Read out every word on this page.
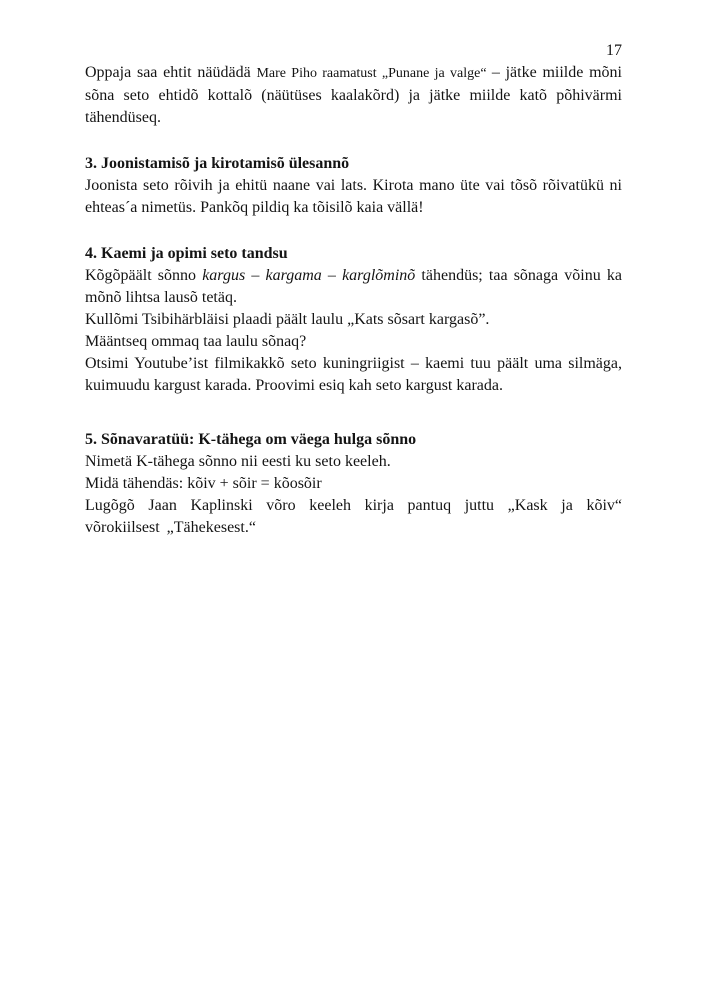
17

Oppaja saa ehtit näüdädä Mare Piho raamatust „Punane ja valge“ – jätke miilde mõni sõna seto ehtidõ kottalõ (näütüses kaalakõrd) ja jätke miilde katõ põhivärmi tähendüseq.

3. Joonistamisõ ja kirotamisõ ülesannõ

Joonista seto rõivih ja ehitü naane vai lats. Kirota mano üte vai tõsõ rõivatükü ni ehteas´a nimetüs. Pankõq pildiq ka tõisilõ kaia vällä!

4. Kaemi ja opimi seto tandsu

Kõgõpäält sõnno kargus – kargama – karglõminõ tähendüs; taa sõnaga võinu ka mõnõ lihtsa lausõ tetäq.

Kullõmi Tsibihärbläisi plaadi päält laulu „Kats sõsart kargasõ”.
Määntseq ommaq taa laulu sõnaq?

Otsimi Youtube’ist filmikakkõ seto kuningriigist – kaemi tuu päält uma silmäga, kuimuudu kargust karada. Proovimi esiq kah seto kargust karada.

5. Sõnavaratüü: K-tähega om väega hulga sõnno

Nimetä K-tähega sõnno nii eesti ku seto keeleh.
Midä tähendäs: kõiv + sõir = kõosõir

Lugõgõ Jaan Kaplinski võro keeleh kirja pantuq juttu „Kask ja kõiv“ võrokiilsest „Tähekesest.“
